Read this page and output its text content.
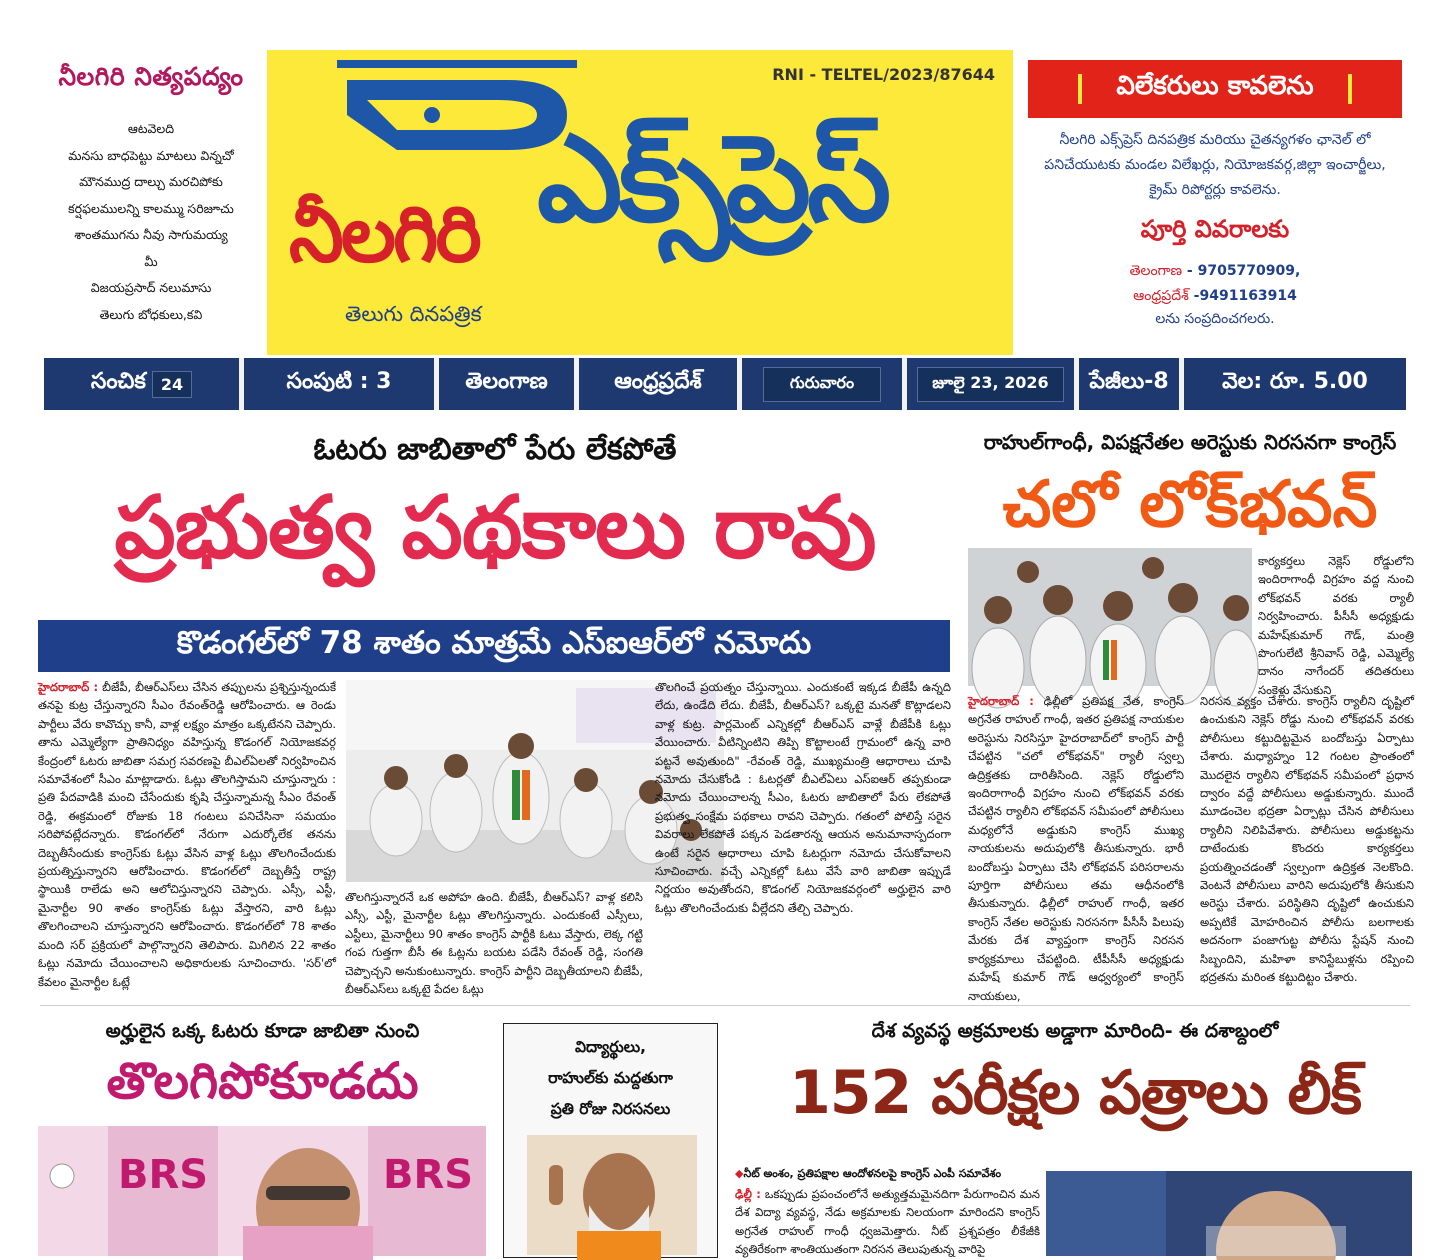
నీలగిరి నిత్యపద్యం
ఆటవెలది
మనసు బాధపెట్టు మాటలు విన్నచో
మౌనముద్ర దాల్చు మరచిపోకు
కర్షఫలములన్ని కాలమ్ము సరిజూచు
శాంతముగను నీవు సాగుమయ్య
మీ
విజయప్రసాద్ నలుమాసు
తెలుగు బోధకులు,కవి
RNI - TELTEL/2023/87644
నీలగిరి ఎక్స్‌ప్రెస్
తెలుగు దినపత్రిక
విలేకరులు కావలెను
నీలగిరి ఎక్స్‌ప్రెస్ దినపత్రిక మరియు చైతన్యగళం ఛానెల్ లో పనిచేయుటకు మండల విలేఖర్లు, నియోజకవర్గ,జిల్లా ఇంచార్జీలు, క్రైమ్ రిపోర్టర్లు కావలెను.
పూర్తి వివరాలకు
తెలంగాణ - 9705770909,
ఆంధ్రప్రదేశ్ -9491163914
లను సంప్రదించగలరు.
సంచిక 24	సంపుటి : 3	తెలంగాణ	ఆంధ్రప్రదేశ్	గురువారం	జూలై 23, 2026	పేజీలు-8	వెల: రూ. 5.00
ఓటరు జాబితాలో పేరు లేకపోతే
ప్రభుత్వ పథకాలు రావు
కొడంగల్‌లో 78 శాతం మాత్రమే ఎస్ఐఆర్‌లో నమోదు
హైదరాబాద్ : బీజేపీ, బీఆర్ఎస్‌లు చేసిన తప్పులను ప్రశ్నిస్తున్నందుకే తనపై కుట్ర చేస్తున్నారని సీఎం రేవంత్‌రెడ్డి ఆరోపించారు. ఆ రెండు పార్టీలు వేరు కావొచ్చు కానీ, వాళ్ల లక్ష్యం మాత్రం ఒక్కటేనని చెప్పారు. తాను ఎమ్మెల్యేగా ప్రాతినిధ్యం వహిస్తున్న కొడంగల్ నియోజకవర్గ కేంద్రంలో ఓటరు జాబితా సమగ్ర సవరణపై బీఎల్‌ఏలతో నిర్వహించిన సమావేశంలో సీఎం మాట్లాడారు. ఓట్లు తొలగిస్తామని చూస్తున్నారు : ప్రతి పేదవాడికి మంచి చేసేందుకు కృషి చేస్తున్నామన్న సీఎం రేవంత్ రెడ్డి, ఈక్రమంలో రోజుకు 18 గంటలు పనిచేసినా సమయం సరిపోవట్లేదన్నారు. కొడంగల్‌లో నేరుగా ఎదుర్కోలేక తనను దెబ్బతీసేందుకు కాంగ్రెస్‌కు ఓట్లు వేసిన వాళ్ల ఓట్లు తొలగించేందుకు ప్రయత్నిస్తున్నారని ఆరోపించారు. కొడంగల్‌లో దెబ్బతీస్తే రాష్ట్ర స్థాయికి రాలేడు అని ఆలోచిస్తున్నారని చెప్పారు. ఎస్సీ, ఎస్టీ, మైనార్టీల 90 శాతం కాంగ్రెస్‌కు ఓట్లు వేస్తారని, వారి ఓట్లు తొలగించాలని చూస్తున్నారని ఆరోపించారు. కొడంగల్‌లో 78 శాతం మంది సర్ ప్రక్రియలో పాల్గొన్నారని తెలిపారు. మిగిలిన 22 శాతం ఓట్లు నమోదు చేయించాలని అధికారులకు సూచించారు. 'సర్'లో కేవలం మైనార్టీల ఓట్లే
తొలగిస్తున్నారనే ఒక అపోహ ఉంది. బీజేపీ, బీఆర్ఎస్? వాళ్ల కలిసి ఎస్సీ, ఎస్టీ, మైనార్టీల ఓట్లు తొలగిస్తున్నారు. ఎందుకంటే ఎస్సీలు, ఎస్టీలు, మైనార్టీలు 90 శాతం కాంగ్రెస్ పార్టీకి ఓటు వేస్తారు, లెక్క గట్టి గంప గుత్తగా బీసీ ఈ ఓట్లను బయట పడేసి రేవంత్ రెడ్డి, సంగతి చెప్పొచ్చని అనుకుంటున్నారు. కాంగ్రెస్ పార్టీని దెబ్బతీయాలని బీజేపీ, బీఆర్ఎస్‌లు ఒక్కటై పేదల ఓట్లు
తొలగించే ప్రయత్నం చేస్తున్నాయి. ఎందుకంటే ఇక్కడ బీజేపీ ఉన్నది లేదు, ఉండేది లేదు. బీజేపీ, బీఆర్ఎస్? ఒక్కటై మనతో కొట్లాడలని వాళ్ల కుట్ర. పార్లమెంట్ ఎన్నికల్లో బీఆర్ఎస్ వాళ్లే బీజేపీకి ఓట్లు వేయించారు. వీటిన్నింటిని తిప్పి కొట్టాలంటే గ్రామంలో ఉన్న వారి పట్టనే అవుతుంది" -రేవంత్ రెడ్డి, ముఖ్యమంత్రి ఆధారాలు చూపి నమోదు చేసుకోండి : ఓటర్లతో బీఎల్‌ఏలు ఎస్ఐఆర్ తప్పకుండా నమోదు చేయించాలన్న సీఎం, ఓటరు జాబితాలో పేరు లేకపోతే ప్రభుత్వ సంక్షేమ పథకాలు రావని చెప్పారు. గతంలో పోలిస్తే సరైన వివరాలు లేకపోతే పక్కన పెడతారన్న ఆయన అనుమానాస్పదంగా ఉంటే సరైన ఆధారాలు చూపి ఓటర్లుగా నమోదు చేసుకోవాలని సూచించారు. వచ్చే ఎన్నికల్లో ఓటు వేసే వారి జాబితా ఇప్పుడే నిర్ణయం అవుతోందని, కొడంగల్ నియోజకవర్గంలో అర్హులైన వారి ఓట్లు తొలగించేందుకు వీల్లేదని తేల్చి చెప్పారు.
రాహుల్‌గాంధీ, విపక్షనేతల అరెస్టుకు నిరసనగా కాంగ్రెస్
చలో లోక్‌భవన్
హైదరాబాద్ : ఢిల్లీలో ప్రతిపక్ష నేత, కాంగ్రెస్ అగ్రనేత రాహుల్ గాంధీ, ఇతర ప్రతిపక్ష నాయకుల అరెస్టును నిరసిస్తూ హైదరాబాద్‌లో కాంగ్రెస్ పార్టీ చేపట్టిన "చలో లోక్‌భవన్" ర్యాలీ స్వల్ప ఉద్రిక్తతకు దారితీసింది. నెక్లెస్ రోడ్డులోని ఇందిరాగాంధీ విగ్రహం నుంచి లోక్‌భవన్ వరకు చేపట్టిన ర్యాలీని లోక్‌భవన్ సమీపంలో పోలీసులు మధ్యలోనే అడ్డుకుని కాంగ్రెస్ ముఖ్య నాయకులను అదుపులోకి తీసుకున్నారు. భారీ బందోబస్తు ఏర్పాటు చేసి లోక్‌భవన్ పరిసరాలను పూర్తిగా పోలీసులు తమ ఆధీనంలోకి తీసుకున్నారు. ఢిల్లీలో రాహుల్ గాంధీ, ఇతర కాంగ్రెస్ నేతల అరెస్టుకు నిరసనగా పీసీసీ పిలుపు మేరకు దేశ వ్యాప్తంగా కాంగ్రెస్ నిరసన కార్యక్రమాలు చేపట్టింది. టీపీసీసీ అధ్యక్షుడు మహేష్ కుమార్ గౌడ్ ఆధ్వర్యంలో కాంగ్రెస్ నాయకులు,
కార్యకర్తలు నెక్లెస్ రోడ్డులోని ఇందిరాగాంధీ విగ్రహం వద్ద నుంచి లోక్‌భవన్ వరకు ర్యాలీ నిర్వహించారు. పీసీసీ అధ్యక్షుడు మహేష్‌కుమార్ గౌడ్, మంత్రి పొంగులేటి శ్రీనివాస్ రెడ్డి, ఎమ్మెల్యే దానం నాగేందర్ తదితరులు సంకెళ్లు వేసుకుని
నిరసన వ్యక్తం చేశారు. కాంగ్రెస్ ర్యాలీని దృష్టిలో ఉంచుకుని నెక్లెస్ రోడ్డు నుంచి లోక్‌భవన్ వరకు పోలీసులు కట్టుదిట్టమైన బందోబస్తు ఏర్పాటు చేశారు. మధ్యాహ్నం 12 గంటల ప్రాంతంలో మొదలైన ర్యాలీని లోక్‌భవన్ సమీపంలో ప్రధాన ద్వారం వద్దే పోలీసులు అడ్డుకున్నారు. ముందే మూడంచెల భద్రతా ఏర్పాట్లు చేసిన పోలీసులు ర్యాలీని నిలిపివేశారు. పోలీసులు అడ్డుకట్టను దాటేందుకు కొందరు కార్యకర్తలు ప్రయత్నించడంతో స్వల్పంగా ఉద్రిక్తత నెలకొంది. వెంటనే పోలీసులు వారిని అదుపులోకి తీసుకుని అరెస్టు చేశారు. పరిస్థితిని దృష్టిలో ఉంచుకుని అప్పటికే మోహరించిన పోలీసు బలగాలకు అదనంగా పంజాగుట్ట పోలీసు స్టేషన్ నుంచి సిబ్బందిని, మహిళా కానిస్టేబుళ్లను రప్పించి భద్రతను మరింత కట్టుదిట్టం చేశారు.
అర్హులైన ఒక్క ఓటరు కూడా జాబితా నుంచి
తొలగిపోకూడదు
BRS	BRS
విద్యార్థులు,
రాహుల్‌కు మద్దతుగా
ప్రతి రోజు నిరసనలు
దేశ వ్యవస్థ అక్రమాలకు అడ్డాగా మారింది- ఈ దశాబ్దంలో
152 పరీక్షల పత్రాలు లీక్
◆నీట్ అంశం, ప్రతిపక్షాల ఆందోళనలపై కాంగ్రెస్ ఎంపీ సమావేశం
ఢిల్లీ : ఒకప్పుడు ప్రపంచంలోనే అత్యుత్తమమైనదిగా పేరుగాంచిన మన దేశ విద్యా వ్యవస్థ, నేడు అక్రమాలకు నిలయంగా మారిందని కాంగ్రెస్ అగ్రనేత రాహుల్ గాంధీ ధ్వజమెత్తారు. నీట్ ప్రశ్నపత్రం లీకేజీకి వ్యతిరేకంగా శాంతియుతంగా నిరసన తెలుపుతున్న వారిపై
